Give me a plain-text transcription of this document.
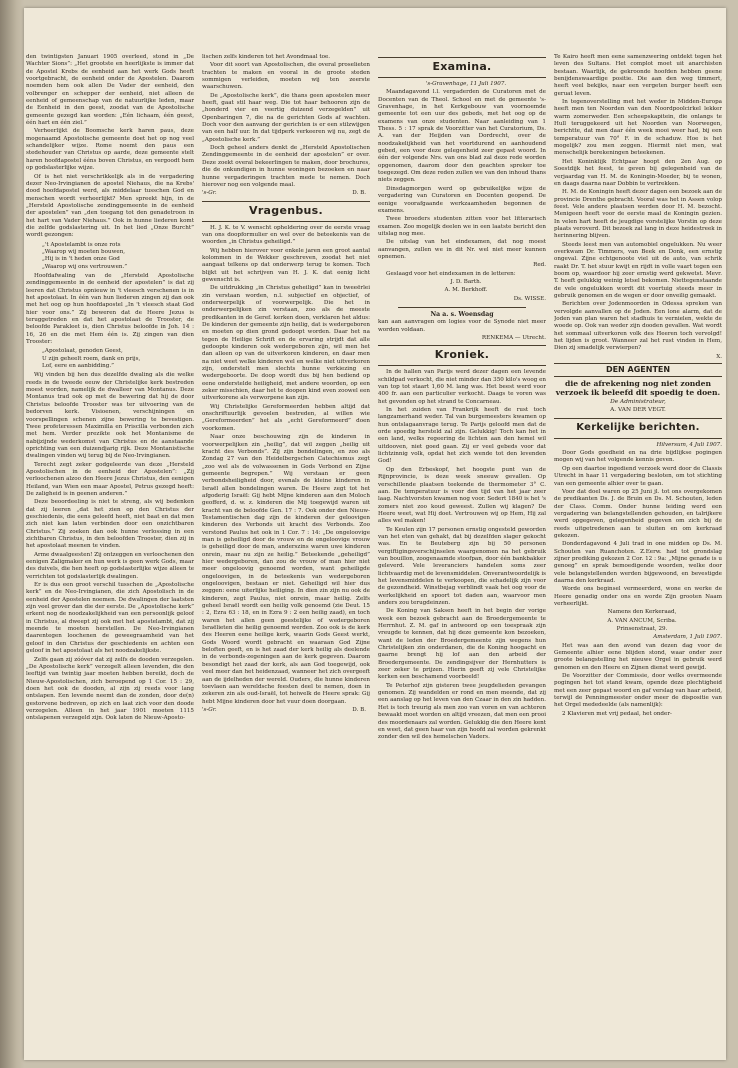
den twintigsten Januari 1905 overleed, stond in „De Wachter Sions”: „Het grootste en heerlijkste is immer dat de Apostel Krebs de eenheid aan het werk Gods heeft voortgebracht, de eenheid onder de Apostelen. Daarom noemden hem ook allen De Vader der eenheid, den volbrenger en schepper der eenheid, niet alleen de eenheid of gemeenschap van de natuurlijke leden, maar de Eenheid in den geest, zoodat van de Apostolische gemeente gezegd kan worden: „Eén lichaam, één geest, één hart en één ziel.”

Verheerlijkt de Boomsche kerk haren paus, deze mogenaamd Apostolische gemeente doet het op nog veel schandelijker wijze. Rome noemt den paus een stedehouder van Christus op aarde, deze gemeente stelt haren hoofdapostel ééns boven Christus, en vergoodt hem op godslasterlijke wijze.

Of is het niet verschrikkelijk als in de vergadering dezer Neo-Irvingianen de apostel Niehaus, die na Krebs' dood hoofdapostel werd, als middelaar tusschen God en menschen wordt verheerlijkt? Men spreekt hijn, in de „Hersteld Apostolische zendinggemeente in de eenheid der apostelen” van „den toegang tot den genadetroon in het hart van Vader Niehaus.” Ook in hunne liederen komt die zelfde godslastering uit. In het lied „Onze Burcht” wordt gezongen:

„'t Apostelambt is onze rots

„Waarop wij moeten bouwen,

„Hij is in 't heden onze God

„Waarop wij ons vertrouwen.”

Hoofdafwaling van de „Hersteld Apostolische zendinggemeente in de eenheid der apostelen” is dat zij leeren dat Christus opnieuw in 't vleesch verschenen is in het apostolaat. In één van hun liederen zingen zij dan ook met het oog op hun hoofdapostel „In 't vleesch staat God hier voor ons.” Zij beweren dat de Heere Jezus is teruggetreden en dat het apostolaat de Trooster, de beloofde Parakleet is, dien Christus beloofde in Joh. 14 : 16, 26 en die met Hem één is. Zij zingen van dien Trooster:

„Apostolaat, genoden Geest,

U zijn geheelt roem, dank en prijs,

Lof, eere en aanbidding.”

Wij vinden bij hen dus dezelfde dwaling als die welke reeds in de tweede eeuw der Christelijke kerk bestreden moest worden, namelijk de dwalleer van Montanus. Deze Montanus trad ook op met de bewering dat hij de door Christus beloofde Trooster was ter uitvoering van de bedorven kerk. Visioenen, verschijningen en voorspellingen schenen zijne bewering te bevestigen. Twee profeteressen Maximilla en Priscilla verbonden zich met hem. Verder prezikte ook het Montanisme de nabijzijnde wederkomst van Christus en de aanstaande oprichting van een duizendjarig rijk. Deze Montanistische dwalingen vinden wij terug bij de Neo-Irvingianen.

Terecht zegt zeker godgeleerde van deze „Hersteld Apostolischen in de eenheid der Apostelen”: „Zij verloochenen alzoo den Heere Jezus Christus, den eenigen Heiland, van Wien een maar Apostel, Petrus gezegd heeft: De zaligheid is in geenen anderen.”

Deze beoordeeling is niet te streng, als wij bedenken dat zij leeren „dat het zien op den Christus der geschiedenis, die eens geleefd heeft, niet baat en dat men zich niet kan laten verbinden door een onzichtbaren Christus.” Zij zoeken dan ook hunne verlossing in een zichtbaren Christus, in den beloofden Trooster, dien zij in het apostolaat meenen te vinden.

Arme dwaalgeesten! Zij ontzeggen en verloochenen den eenigen Zaligmaker en hun werk is geen werk Gods, maar des duivels, die hen heeft op godslasterlijke wijze alleen te verrichten tot godslasterlijk dwalingen.

Er is dus een groot verschil tusschen de „Apostolische kerk” en de Neo-Irvingianen, die zich Apostolisch in de eenheid der Apostelen noemen. De dwalingen der laatsten zijn veel grover dan die der eerste. De „Apostolische kerk” erkent nog de noodzakelijkheid van een persoonlijk geloof in Christus, al dweept zij ook met het apostelambt, dat zij meende te moeten herstellen. De Neo-Irvingianen daarentegen loochenen de geweegraamheid van het geloof in den Christus der geschiedenis en achten een geloof in het apostolaat als het noodzakelijkste.

Zelfs gaan zij zóóver dat zij zelfs de dooden verzegelen. „De Apostolische kerk” verzegelt alleen levenden, die den leeftijd van twintig jaar moeten hebben bereikt, doch de Nieuw-Apostolischen, zich beroepend op 1 Cor. 15 : 29, doen het ook de dooden, al zijn zij reeds voor lang ontslapen. Een levende neemt dan de zonden, door de(n) gestorvene bedreven, op zich en laat zich voor den doode verzegelen. Alleen in het jaar 1901 moeten 1115 ontslapenen verzegeld zijn. Ook laten de Nieuw-Aposto-

lischen zelfs kinderen tot het Avondmaal toe.

Voor dit soort van Apostolischen, die overal proselieten trachten te maken en vooral in de groote steden sommigen verleiden, moeten wij ten zeerste waarschuwen.

De „Apostolische kerk”, die thans geen apostelen meer heeft, gaat stil haar weg. Die tot haar behooren zijn de „honderd vier en veertig duizend verzegelden” uit Openbaringen 7, die na de gerichten Gods af wachten. Doch voor den aanvang der gerichten is er een stilzwijgen van een half uur. In dat tijdperk verkeeren wij nu, zegt de „Apostolische kerk.”

Doch geheel anders denkt de „Hersteld Apostolischen Zendinggemeente in de eenheid der apostelen” er over. Deze zoekt overal bekeerlingen te maken, door brochures, die de onkundigen in hunne woningen bezoeken en naar hunne vergaderingen trachten mede te nemen. Doch hierover nog een volgende maal.

's-Gr.	D. B.
Vragenbus.

H. J. K. te V. wenscht opheldering over de eerste vraag van ons doopformulier en wel over de beteekenis van de woorden „in Christus geheiligd.”

Wij hebben hierover voor enkele jaren een groot aantal kolommen in de Wekker geschreven, zoodat het niet aangaat telkens op dat onderwerp terug te komen. Toch blijkt uit het schrijven van H. J. K. dat eenig licht gewenscht is.

De uitdrukking „in Christus geheiligd” kan in tweeërlei zin verstaan worden, n.l. subjectief en objectief, of onderwerpelijk of voorwerpelijk. Die het in onderwerpelijken zin verstaan, zoo als de meeste predikanten in de Geref. kerken doen, verklaren het aldus: De kinderen der gemeente zijn heilig, dat is wedergeboren en moeten op dien grond gedoopt worden. Daar het na tegen de Heilige Schrift en de ervaring strijdt dat alle gedoopte kinderen ook wedergeboren zijn, wil men het dan alleen op van de uitverkoren kinderen, en daar men na niet weet welke kinderen wel en welke niet uitverkoren zijn, onderstelt men slechts hunne verkiezing en wedergeboorte. De doop wordt dus bij hen bediend op eene onderstelde heiligheid, met andere woorden, op een zeker misschien, daar het te doopen kind even zoowel een uitverkorene als verworpene kan zijn.

Wij Christelijke Gereformeerden hebben altijd dat onschriftuurlijk gevoelen bestreden, al willen wie „Gereformeerden” het als „echt Gereformeerd” doen voorkomen.

Naar onze beschouwing zijn de kinderen in voorwerpelijken zin „heilig”, dat wil zeggen „heilig uit kracht des Verbonds”. Zij zijn bondelingen, en zoo als Zondag 27 van den Heidelbergschen Catechismus zegt „zoo wel als de volwassenen in Gods Verbond en Zijne gemeente begrepen.” Wij verstaan er geen verbondsheiligheid door, evenals de kleine kinderen in Israël allen bondelingen waren. De Heere zegt tot het afgoderig Israël: Gij hebt Mijne kinderen aan den Moloch geofferd, d. w. z. kinderen die Mij toegewijd waren uit kracht van de beloofde Gen. 17 : 7. Ook onder den Nieuw-Testamentischen dag zijn de kinderen der geloovigen kinderen des Verbonds uit kracht des Verbonds. Zoo verstond Paulus het ook in 1 Cor. 7 : 14: „De ongeloovige man is geheiligd door de vrouw en de ongeloovige vrouw is geheiligd door de man, anderszins waren uwe kinderen onrein, maar nu zijn ze heilig.” Beteekende „geheiligd” hier wedergeboren, dan zou de vrouw of man hier niet meer ongeloovig genoemd worden, want geheiligde ongeloovigen, in de beteekenis van wedergeboren ongeloovigen, bestaan er niet. Geheiligd wil hier dus zeggen: eene uiterlijke heiliging. In dien zin zijn nu ook de kinderen, zegt Paulus, niet onrein, maar heilig. Zelfs geheel Israël wordt een heilig volk genoemd (zie Deut. 15 : 2, Ezra 63 : 18, en in Ezra 9 : 2 een heilig zaad), en toch waren het allen geen geestelijke of wedergeboren Israëlieten die heilig genoemd werden. Zoo ook is de kerk des Heeren eene heilige kerk, waarin Gods Geest werkt, Gods Woord wordt gebracht en waaraan God Zijne beloften geeft, en is het zaad der kerk heilig als deelende in de verbonds-zegeningen aan de kerk gegeven. Daarom besondigt het zaad der kerk, als aan God toegewijd, ook veel meer dan het heidenzaad, wanneer het zich overgeeft aan de ijdelheden der wereld. Ouders, die hunne kinderen toevlaen aan wereldsche feesten deel te nemen, doen in zekeren zin als oud-Israël, tot heiwelk de Heere sprak: Gij hebt Mijne kinderen door het vuur doen doorgaan.

's-Gr.	D. B.
Examina.

's-Gravenhage, 11 Juli 1907.

Maandagavond l.l. vergaderden de Curatoren met de Docenten van de Theol. School en met de gemeente 's-Gravenhage, in het Kerkgebouw van voornoemde gemeente tot een uur des gebeds, met het oog op de examens van onze studenten. Naar aanleiding van 1 Thess. 5 : 17 sprak de Voorzitter van het Curatorium, Ds. A. van der Heijden van Dordrecht, over de noodzakelijkheid van het voortdurend en aanhoudend gebed, een voor deze gelegenheid zeer gepast woord. In één der volgende Nrs. van ons blad zal deze rede worden opgenomen, daarom door den geachten spreker toe toegezegd. Om deze reden zullen we van den inhoud thans niets zeggen.

Dinsdagmorgen werd op gebruikelijke wijze de vergadering van Curatoren en Docenten geopend. De eenige voorafgaande werkzaamheden begonnen de examens.

Twee broeders studenten zitten voor het litterarisch examen. Zoo mogelijk deelen we in een laatste bericht den uitslag nog mee.

De uitslag van het eindexamen, dat nog moest aanvangen, zullen we in dit Nr. wel niet meer kunnen opnemen.

Red.

Geslaagd voor het eindexamen in de letteren:

J. D. Barth.

A. M. Berkhoff.

Ds. WISSE.

Na a. s. Woensdag

kan aan aanvragen om logies voor de Synode niet meer worden voldaan.

RENKEMA — Utrecht.

Kroniek.

In de hallen van Parijs werd dezer dagen een levende schildpad verkocht, die niet minder dan 350 kilo's woog en van top tot staart 1,60 M. lang was. Het beest werd voor 400 fr. aan een particulier verkocht. Daags te voren was het gevonden op het strand te Concarneau.

In het zuiden van Frankrijk heeft de rust toch langzamerhand weder. Tal van burgemeesters kwamen op hun ontslagaanvrage terug. Te Parijs geloofd men dat de orde spoedig hersteld zal zijn. Gelukkig! Toch kan het in een land, welks regeering de lichten aan den hemel wil uitdooven, niet goed gaan. Zij er veel gebeds voor dat lichtzinnig volk, opdat het zich wende tot den levenden God!

Op den Erbeskopf, het hoogste punt van de Rijnprovincie, is deze week sneeuw gevallen. Op verschillende plaatsen teekende de thermometer 3° C. aan. De temperatuur is voor den tijd van het jaar zeer laag. Nachtvorsten kwamen nog voor. Sedert 1840 is het 's zomers niet zoo koud geweest. Zullen wij klagen? De Heere weet, wat Hij doet. Vertrouwen wij op Hem, Hij zal alles wel maken!

Te Keulen zijn 17 personen ernstig ongesteld geworden van het eten van gehakt, dat bij dezelfden slager gekocht was. En te Beuteberg zijn bij 50 personen vergiftigingsverschijnselen waargenomen na het gebruik van bouillon, zoogenaamde stoofpan, door één bankbakker geleverd. Vele leveranciers handelen soms zeer lichtvaardig met de levensmiddelen. Onverantwoordelijk is het levensmiddelen te verkoopen, die schadelijk zijn voor de gezondheid. Winstbejag verblindt vaak het oog voor de werkelijkheid en spoort tot daden aan, waarvoor men anders zou terugdeinzen.

De Koning van Saksen heeft in het begin der vorige week een bezoek gebracht aan de Broedergemeente te Herrnhut. Z. M. gaf in antwoord op een toespraak zijn vreugde te kennen, dat hij deze gemeente kon bezoeken, want de leden der Broedergemeente zijn wegens hun Christelijken zin onderdanen, die de Koning hoogacht en gaarne brengt hij lof aan den arbeid der Broedergemeente. De zendingsijver der Hernhutters is zeer zeker te prijzen. Hierin geeft zij vele Christelijke kerken een beschamend voorbeeld!

Te Peterhof zijn gisteren twee jeugdelieden gevangen genomen. Zij wandelden er rond en men meende, dat zij een aanslag op het leven van den Czaar in den zin hadden. Het is toch treurig als men zoo van voren en van achteren bewaakt moet worden en altijd vreezen, dat men een prooi des moordenaars zal worden. Gelukkig die den Heere kent en weet, dat geen haar van zijn hoofd zal worden gekrenkt zonder den wil des hemelschen Vaders.

Te Kairo heeft men eene samenzwering ontdekt tegen het leven des Sultans. Het complot moet uit anarchisten bestaan. Waarlijk, de gekroonde hoofden hebben geene benijdenswaardige positie. Die aan den weg timmert, heeft veel bekijks, naar een vergeten burger heeft een geruat leven.

In tegenoverstelling met het weder in Midden-Europa heeft men ten Noorden van den Noordpoolcirkel lekker warm zomerweder. Een scheepskapitein, die onlangs te Hull teruggekeerd uit het Noorden van Noorwegen, berichtte, dat men daar één week mooi weer had, bij een temperatuur van 70° F. in de schaduw. Hoe is het mogelijk? zou men zeggen. Hiermit niet men, wat menschelijk berekeningen beteekenen.

Het Koninklijk Echtpaar hoopt den 2en Aug. op Soestdijk het feest, te geven bij gelegenheid van de verjaardag van H. M. de Koningin-Moeder, bij te wonen, en daags daarna naar Dobbin te vertrekken.

H. M. de Koningin heeft dezer dagen een bezoek aan de provincie Drenthe gebracht. Vooral was het in Assen volop feest. Vele andere plaatsen werden door H. M. bezocht. Menigeen heeft voor de eerste maal de Koningin gezien. In velen hart heeft de jeugdige vorstelijke Vorstin op deze plaats veroverd. Dit bezoek zal lang in deze heidestreek in herinnering blijven.

Steeds leest men van automobiel ongelukken. Nu weer overkwam Dr. Timmers, van Beek en Donk, een ernstig ongeval. Zijne echtgenoote viel uit de auto, van schrik raakt Dr. T. het stuur kwijt en rijdt in volle vaart tegen een boom op, waardoor hij zeer ernstig werd gekwetst. Mevr. T. heeft gelukkig weinig letsel bekomen. Niettegenstaande de vele ongelukken wordt dit voertuig steeds meer in gebruik genomen en de wegen er door onveilig gemaakt.

Berichten over Jodenmoorden in Odessa spreken van vervolgde aanvallen op de Joden. Een lone alarm, dat de Joden van plan waren het stadhuis te vernielen, wekte de woede op. Ook van weder zijn dooden gevallen. Wat wordt het sommaal uitverkoren volk des Heeren toch vervolgd! het lijden is groot. Wanneer zal het rust vinden in Hem, Dien zij smadelijk verwierpen?

X.

DEN AGENTEN
die de afrekening nog niet zonden verzoek ik beleefd dit spoedig te doen.
De Administrateur,
A. VAN DER VEGT.
Kerkelijke berichten.

Hilversum, 4 Juli 1907.

Door Gods goedheid en na drie bijdlijkse pogingen mogen wij van het volgende kennis geven.

Op een daartoe ingediend verzoek werd door de Classis Utrecht in haar 11 vergadering besloten, om tot stichting van een gemeente alhier over te gaan.

Voor dat doel waren op 25 Juni jl. tot ons overgekomen de predikanten Ds. J. de Bruin en Ds. M. Schouten, leden der Class. Comm. Onder hunne leiding werd een vergadering van belangstellenden gehouden, en talrijkere werd opgegeven, gelegenheid gegeven om zich bij de reeds uitgetredenen aan te sluiten en om kerkraad gekozen.

Donderdagavond 4 Juli trad in one midden op Ds. M. Schouten van Ruanchoten. Z.Eerw. had tot grondslag zijner prediking gekozen 2 Cor. 12 : 9a: „Mijne genade is u genoeg” en sprak bemoedigende woorden, welke door vele belangstellenden werden bijgewoond, en bevestigde daarna den kerkraad.

Worde ons beginsel vermeerderd, wone en werke de Heere genadig onder ons en worde Zijn grooten Naam verheerlijkt.

Namens den Kerkeraad,

A. VAN ANCUM, Scriba.

Prinsenstraat, 29.

Amsterdam, 1 Juli 1907.

Het was aan den avond van dezen dag voor de Gemeente alhier eene blijden stond, waar onder zeer groote belangstelling het nieuwe Orgel in gebruik werd genomen en den Heere en Zijnen dienst werd gewijd.

De Voorzitter der Commissie, door welks overmeende pogingen het tot stand kwam, opende deze plechtigheid met een zeer gepast woord en gaf verslag van haar arbeid, terwijl de Penningmeester onder meer de dispositie van het Orgel mededeelde (als namenlijk):

2 Klavieren met vrij pedaal, het onder-
